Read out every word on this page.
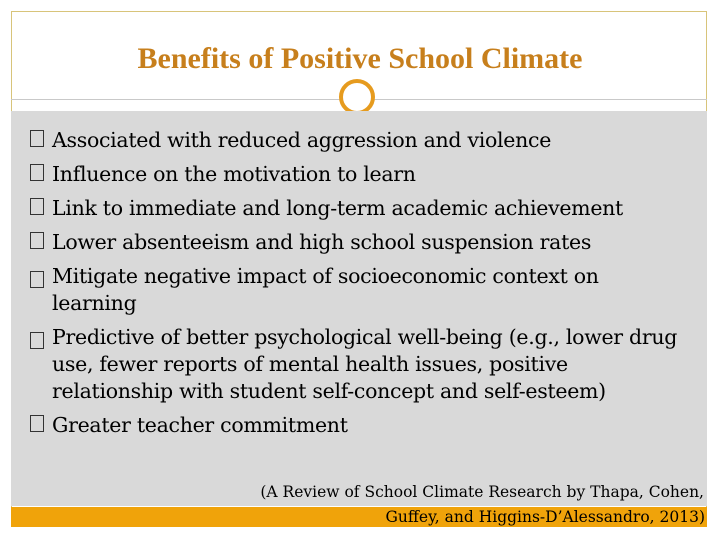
Benefits of Positive School Climate
Associated with reduced aggression and violence
Influence on the motivation to learn
Link to immediate and long-term academic achievement
Lower absenteeism and high school suspension rates
Mitigate negative impact of socioeconomic context on learning
Predictive of better psychological well-being (e.g., lower drug use, fewer reports of mental health issues, positive relationship with student self-concept and self-esteem)
Greater teacher commitment

(A Review of School Climate Research by Thapa, Cohen,

Guffey, and Higgins-D’Alessandro, 2013)
